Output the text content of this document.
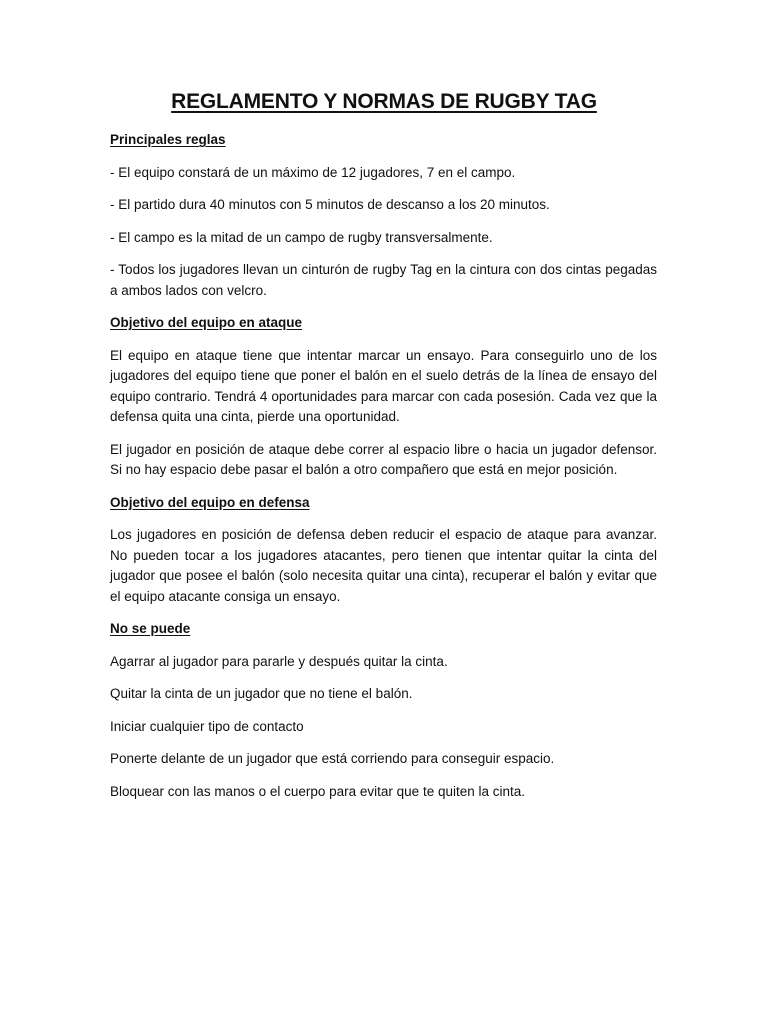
REGLAMENTO Y NORMAS DE RUGBY TAG

Principales reglas

- El equipo constará de un máximo de 12 jugadores, 7 en el campo.

- El partido dura 40 minutos con 5 minutos de descanso a los 20 minutos.

- El campo es la mitad de un campo de rugby transversalmente.

- Todos los jugadores llevan un cinturón de rugby Tag en la cintura con dos cintas pegadas a ambos lados con velcro.

Objetivo del equipo en ataque

El equipo en ataque tiene que intentar marcar un ensayo. Para conseguirlo uno de los jugadores del equipo tiene que poner el balón en el suelo detrás de la línea de ensayo del equipo contrario. Tendrá 4 oportunidades para marcar con cada posesión. Cada vez que la defensa quita una cinta, pierde una oportunidad.

El jugador en posición de ataque debe correr al espacio libre o hacia un jugador defensor. Si no hay espacio debe pasar el balón a otro compañero que está en mejor posición.

Objetivo del equipo en defensa

Los jugadores en posición de defensa deben reducir el espacio de ataque para avanzar. No pueden tocar a los jugadores atacantes, pero tienen que intentar quitar la cinta del jugador que posee el balón (solo necesita quitar una cinta), recuperar el balón y evitar que el equipo atacante consiga un ensayo.

No se puede

Agarrar al jugador para pararle y después quitar la cinta.

Quitar la cinta de un jugador que no tiene el balón.

Iniciar cualquier tipo de contacto

Ponerte delante de un jugador que está corriendo para conseguir espacio.

Bloquear con las manos o el cuerpo para evitar que te quiten la cinta.
